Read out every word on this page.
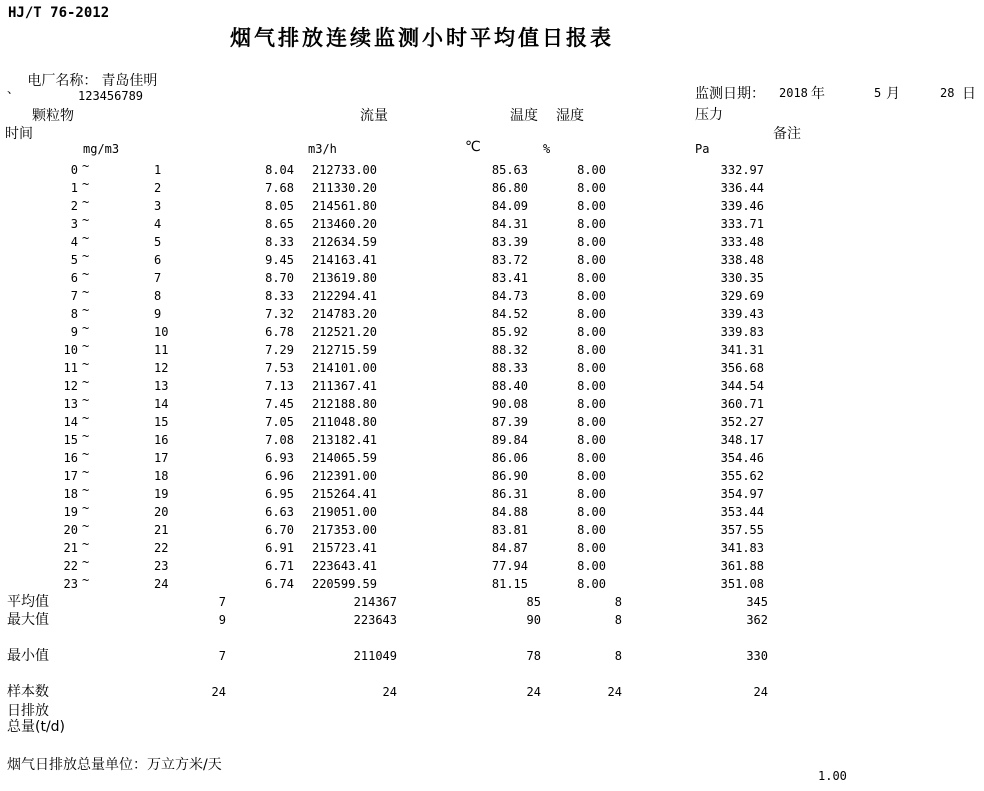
HJ/T 76-2012
烟气排放连续监测小时平均值日报表

电厂名称： 青岛佳明

、	123456789	监测日期： 2018 年	5 月	28 日
颗粒物	流量	温度 湿度	压力
时间	备注
mg/m3	m3/h	℃	%	Pa
0 ~	1	8.04 212733.00	85.63	8.00	332.97
1 ~	2	7.68 211330.20	86.80	8.00	336.44
2 ~	3	8.05 214561.80	84.09	8.00	339.46
3 ~	4	8.65 213460.20	84.31	8.00	333.71
4 ~	5	8.33 212634.59	83.39	8.00	333.48
5 ~	6	9.45 214163.41	83.72	8.00	338.48
6 ~	7	8.70 213619.80	83.41	8.00	330.35
7 ~	8	8.33 212294.41	84.73	8.00	329.69
8 ~	9	7.32 214783.20	84.52	8.00	339.43
9 ~	10	6.78 212521.20	85.92	8.00	339.83
10 ~	11	7.29 212715.59	88.32	8.00	341.31
11 ~	12	7.53 214101.00	88.33	8.00	356.68
12 ~	13	7.13 211367.41	88.40	8.00	344.54
13 ~	14	7.45 212188.80	90.08	8.00	360.71
14 ~	15	7.05 211048.80	87.39	8.00	352.27
15 ~	16	7.08 213182.41	89.84	8.00	348.17
16 ~	17	6.93 214065.59	86.06	8.00	354.46
17 ~	18	6.96 212391.00	86.90	8.00	355.62
18 ~	19	6.95 215264.41	86.31	8.00	354.97
19 ~	20	6.63 219051.00	84.88	8.00	353.44
20 ~	21	6.70 217353.00	83.81	8.00	357.55
21 ~	22	6.91 215723.41	84.87	8.00	341.83
22 ~	23	6.71 223643.41	77.94	8.00	361.88
23 ~	24	6.74 220599.59	81.15	8.00	351.08
平均值	7	214367	85	8	345
最大值	9	223643	90	8	362
最小值	7	211049	78	8	330
样本数	24	24	24	24	24
日排放
总量(t/d)
烟气日排放总量单位：万立方米/天
1.00
